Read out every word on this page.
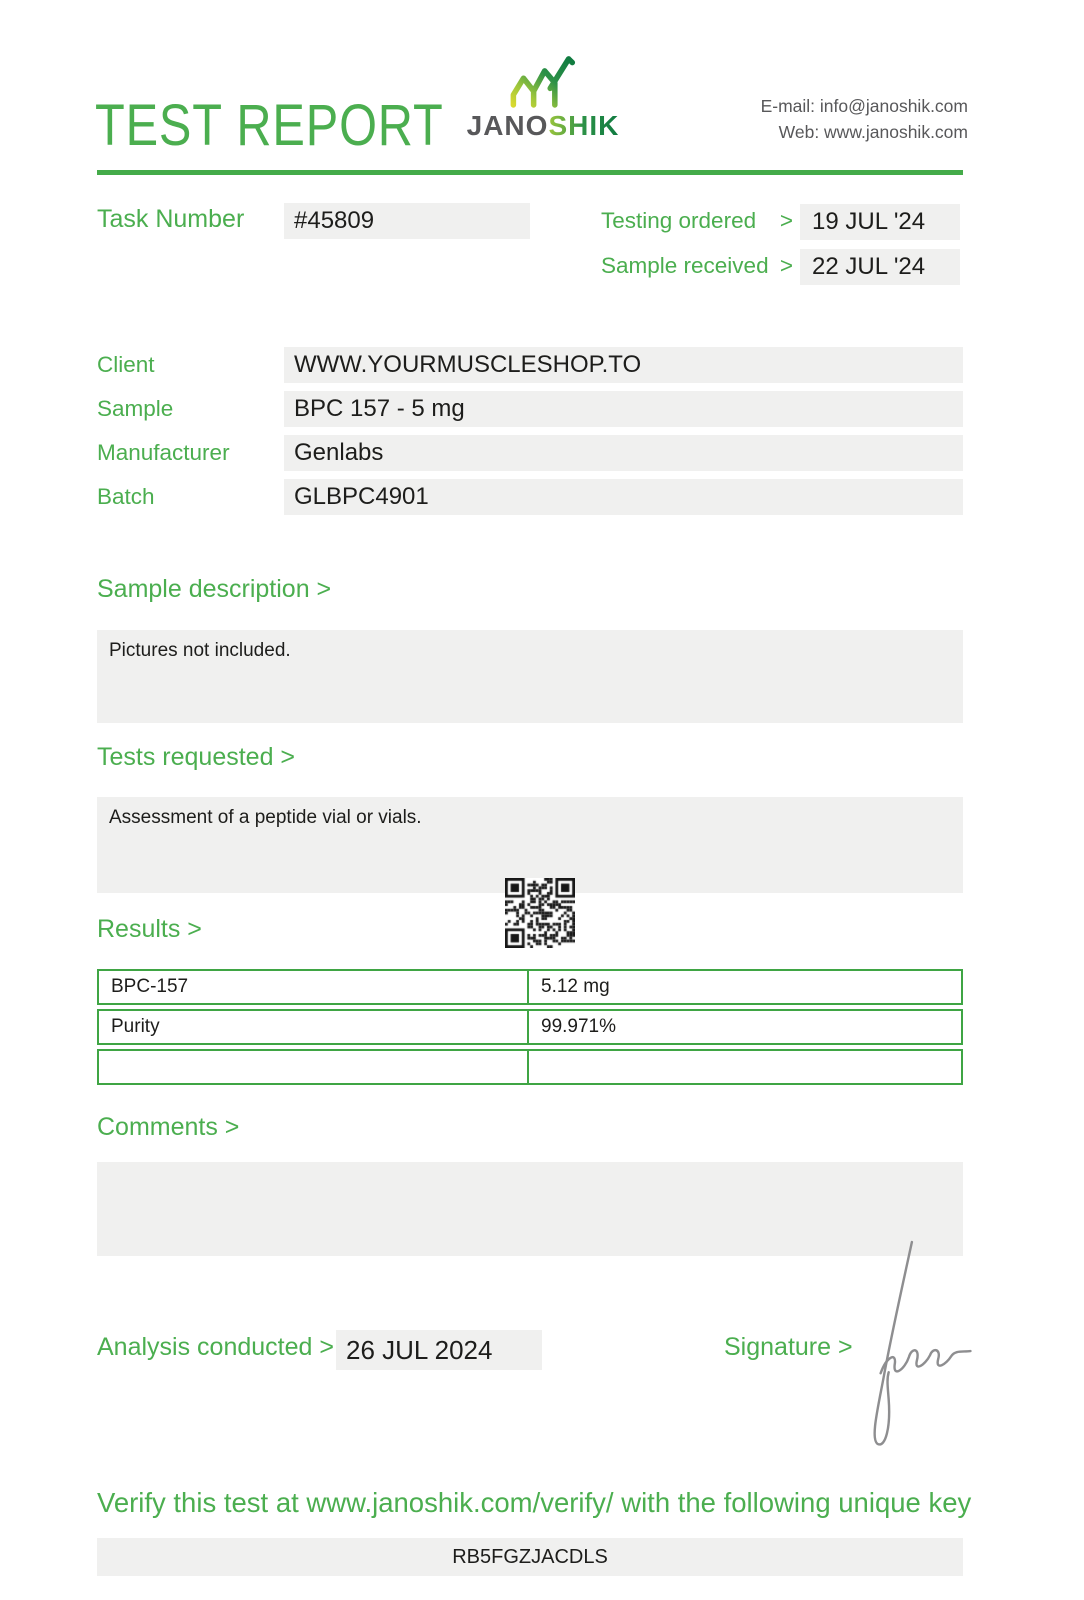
TEST REPORT JANOSHIK
E-mail: info@janoshik.com
Web: www.janoshik.com
Task Number #45809	Testing ordered > 19 JUL '24
Sample received > 22 JUL '24
Client	WWW.YOURMUSCLESHOP.TO
Sample	BPC 157 - 5 mg
Manufacturer	Genlabs
Batch	GLBPC4901
Sample description >
Pictures not included.
Tests requested >
Assessment of a peptide vial or vials.
Results >
BPC-157	5.12 mg
Purity	99.971%
Comments >
Analysis conducted > 26 JUL 2024	Signature >
Verify this test at www.janoshik.com/verify/ with the following unique key
RB5FGZJACDLS
